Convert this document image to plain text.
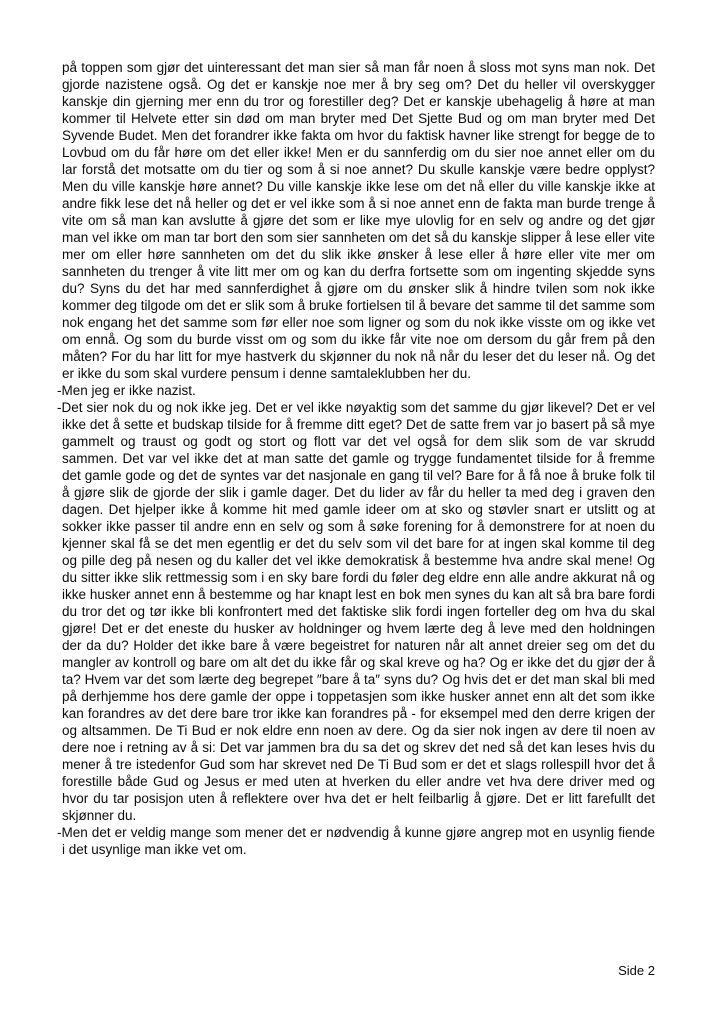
på toppen som gjør det uinteressant det man sier så man får noen å sloss mot syns man nok. Det gjorde nazistene også. Og det er kanskje noe mer å bry seg om? Det du heller vil overskygger kanskje din gjerning mer enn du tror og forestiller deg? Det er kanskje ubehagelig å høre at man kommer til Helvete etter sin død om man bryter med Det Sjette Bud og om man bryter med Det Syvende Budet. Men det forandrer ikke fakta om hvor du faktisk havner like strengt for begge de to Lovbud om du får høre om det eller ikke! Men er du sannferdig om du sier noe annet eller om du lar forstå det motsatte om du tier og som å si noe annet? Du skulle kanskje være bedre opplyst? Men du ville kanskje høre annet? Du ville kanskje ikke lese om det nå eller du ville kanskje ikke at andre fikk lese det nå heller og det er vel ikke som å si noe annet enn de fakta man burde trenge å vite om så man kan avslutte å gjøre det som er like mye ulovlig for en selv og andre og det gjør man vel ikke om man tar bort den som sier sannheten om det så du kanskje slipper å lese eller vite mer om eller høre sannheten om det du slik ikke ønsker å lese eller å høre eller vite mer om sannheten du trenger å vite litt mer om og kan du derfra fortsette som om ingenting skjedde syns du? Syns du det har med sannferdighet å gjøre om du ønsker slik å hindre tvilen som nok ikke kommer deg tilgode om det er slik som å bruke fortielsen til å bevare det samme til det samme som nok engang het det samme som før eller noe som ligner og som du nok ikke visste om og ikke vet om ennå. Og som du burde visst om og som du ikke får vite noe om dersom du går frem på den måten? For du har litt for mye hastverk du skjønner du nok nå når du leser det du leser nå. Og det er ikke du som skal vurdere pensum i denne samtaleklubben her du.

-Men jeg er ikke nazist.

-Det sier nok du og nok ikke jeg. Det er vel ikke nøyaktig som det samme du gjør likevel? Det er vel ikke det å sette et budskap tilside for å fremme ditt eget? Det de satte frem var jo basert på så mye gammelt og traust og godt og stort og flott var det vel også for dem slik som de var skrudd sammen. Det var vel ikke det at man satte det gamle og trygge fundamentet tilside for å fremme det gamle gode og det de syntes var det nasjonale en gang til vel? Bare for å få noe å bruke folk til å gjøre slik de gjorde der slik i gamle dager. Det du lider av får du heller ta med deg i graven den dagen. Det hjelper ikke å komme hit med gamle ideer om at sko og støvler snart er utslitt og at sokker ikke passer til andre enn en selv og som å søke forening for å demonstrere for at noen du kjenner skal få se det men egentlig er det du selv som vil det bare for at ingen skal komme til deg og pille deg på nesen og du kaller det vel ikke demokratisk å bestemme hva andre skal mene! Og du sitter ikke slik rettmessig som i en sky bare fordi du føler deg eldre enn alle andre akkurat nå og ikke husker annet enn å bestemme og har knapt lest en bok men synes du kan alt så bra bare fordi du tror det og tør ikke bli konfrontert med det faktiske slik fordi ingen forteller deg om hva du skal gjøre! Det er det eneste du husker av holdninger og hvem lærte deg å leve med den holdningen der da du? Holder det ikke bare å være begeistret for naturen når alt annet dreier seg om det du mangler av kontroll og bare om alt det du ikke får og skal kreve og ha? Og er ikke det du gjør der å ta? Hvem var det som lærte deg begrepet ″bare å ta″ syns du? Og hvis det er det man skal bli med på derhjemme hos dere gamle der oppe i toppetasjen som ikke husker annet enn alt det som ikke kan forandres av det dere bare tror ikke kan forandres på - for eksempel med den derre krigen der og altsammen. De Ti Bud er nok eldre enn noen av dere. Og da sier nok ingen av dere til noen av dere noe i retning av å si: Det var jammen bra du sa det og skrev det ned så det kan leses hvis du mener å tre istedenfor Gud som har skrevet ned De Ti Bud som er det et slags rollespill hvor det å forestille både Gud og Jesus er med uten at hverken du eller andre vet hva dere driver med og hvor du tar posisjon uten å reflektere over hva det er helt feilbarlig å gjøre. Det er litt farefullt det skjønner du.

-Men det er veldig mange som mener det er nødvendig å kunne gjøre angrep mot en usynlig fiende i det usynlige man ikke vet om.

Side 2
